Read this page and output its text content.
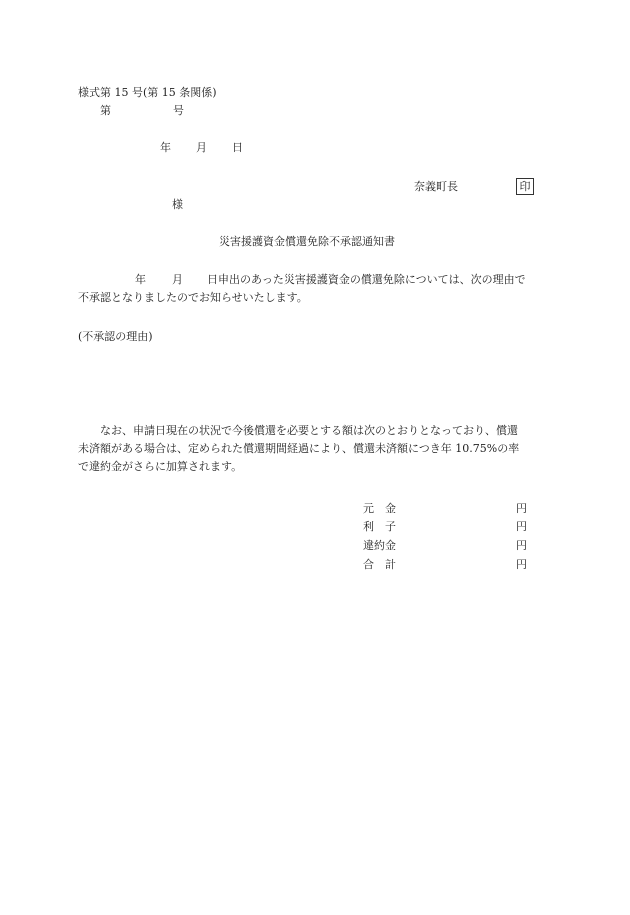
様式第 15 号(第 15 条関係)
第	号
年 月 日
奈義町長	印
様
災害援護資金償還免除不承認通知書
年 月 日申出のあった災害援護資金の償還免除については、次の理由で
不承認となりましたのでお知らせいたします。
(不承認の理由)
なお、申請日現在の状況で今後償還を必要とする額は次のとおりとなっており、償還
未済額がある場合は、定められた償還期間経過により、償還未済額につき年 10.75%の率
で違約金がさらに加算されます。
元　金	円
利　子	円
違約金	円
合　計	円
